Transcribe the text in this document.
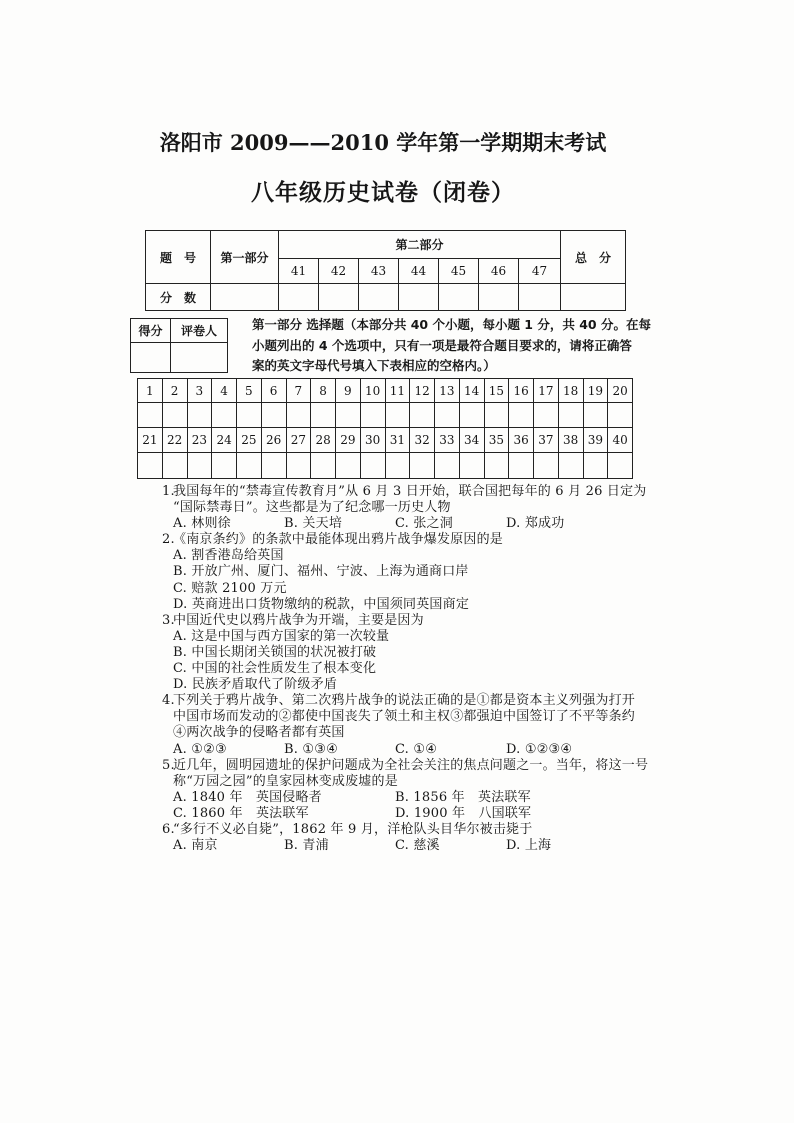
洛阳市 2009——2010 学年第一学期期末考试
八年级历史试卷（闭卷）
题　号	第一部分	第二部分							总　分
		41	42	43	44	45	46	47	
分　数									
得分	评卷人
		第一部分 选择题（本部分共 40 个小题，每小题 1 分，共 40 分。在每
小题列出的 4 个选项中，只有一项是最符合题目要求的，请将正确答
案的英文字母代号填入下表相应的空格内。）
1	2	3	4	5	6	7	8	9	10	11	12	13	14	15	16	17	18	19	20

21	22	23	24	25	26	27	28	29	30	31	32	33	34	35	36	37	38	39	40

1.我国每年的“禁毒宣传教育月”从 6 月 3 日开始，联合国把每年的 6 月 26 日定为
“国际禁毒日”。这些都是为了纪念哪一历史人物
A. 林则徐	B. 关天培	C. 张之洞	D. 郑成功
2.《南京条约》的条款中最能体现出鸦片战争爆发原因的是
A. 割香港岛给英国
B. 开放广州、厦门、福州、宁波、上海为通商口岸
C. 赔款 2100 万元
D. 英商进出口货物缴纳的税款，中国须同英国商定
3.中国近代史以鸦片战争为开端，主要是因为
A. 这是中国与西方国家的第一次较量
B. 中国长期闭关锁国的状况被打破
C. 中国的社会性质发生了根本变化
D. 民族矛盾取代了阶级矛盾
4.下列关于鸦片战争、第二次鸦片战争的说法正确的是①都是资本主义列强为打开
中国市场而发动的②都使中国丧失了领土和主权③都强迫中国签订了不平等条约
④两次战争的侵略者都有英国
A. ①②③	B. ①③④	C. ①④	D. ①②③④
5.近几年，圆明园遗址的保护问题成为全社会关注的焦点问题之一。当年，将这一号
称“万园之园”的皇家园林变成废墟的是
A. 1840 年　英国侵略者	B. 1856 年　英法联军
C. 1860 年　英法联军	D. 1900 年　八国联军
6.“多行不义必自毙”，1862 年 9 月，洋枪队头目华尔被击毙于
A. 南京	B. 青浦	C. 慈溪	D. 上海
